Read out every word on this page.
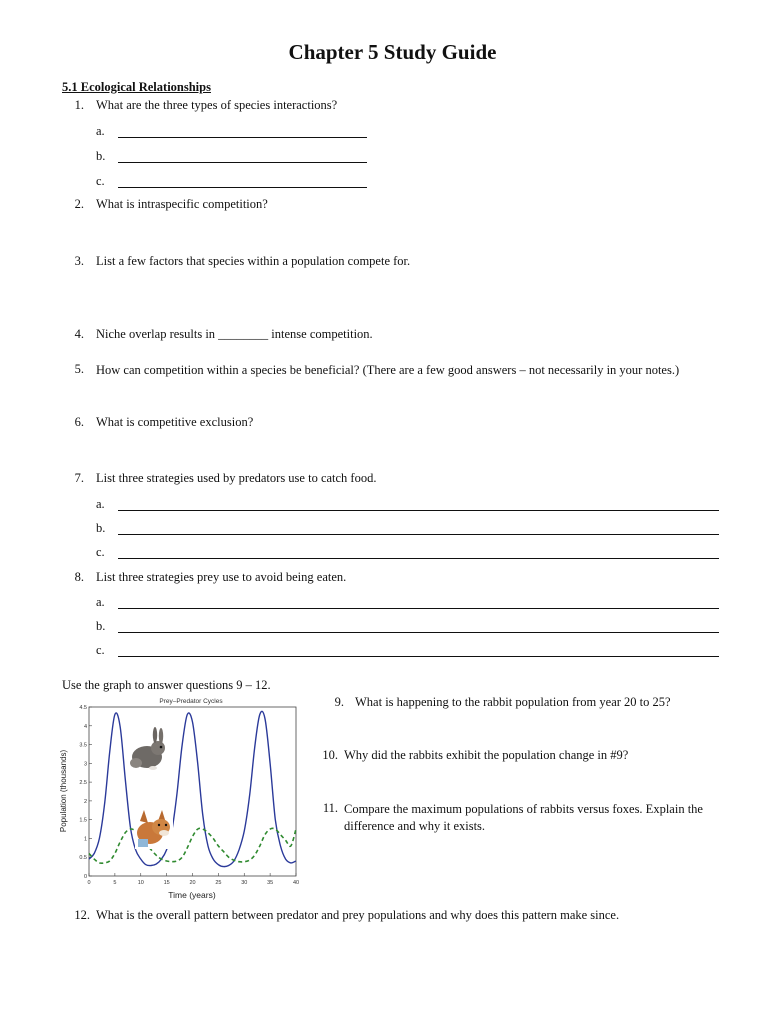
Chapter 5 Study Guide
5.1 Ecological Relationships
1. What are the three types of species interactions?
a.
b.
c.
2. What is intraspecific competition?
3. List a few factors that species within a population compete for.
4. Niche overlap results in ________ intense competition.
5. How can competition within a species be beneficial? (There are a few good answers – not necessarily in your notes.)
6. What is competitive exclusion?
7. List three strategies used by predators use to catch food.
a.
b.
c.
8. List three strategies prey use to avoid being eaten.
a.
b.
c.
Use the graph to answer questions 9 – 12.
Prey–Predator Cycles
0
0.5
1
1.5
2
2.5
3
3.5
4
4.5
0	5	10	15	20	25	30	35	40
Population (thousands)
Time (years)
9. What is happening to the rabbit population from year 20 to 25?
10. Why did the rabbits exhibit the population change in #9?
11. Compare the maximum populations of rabbits versus foxes. Explain the difference and why it exists.
12. What is the overall pattern between predator and prey populations and why does this pattern make since.
